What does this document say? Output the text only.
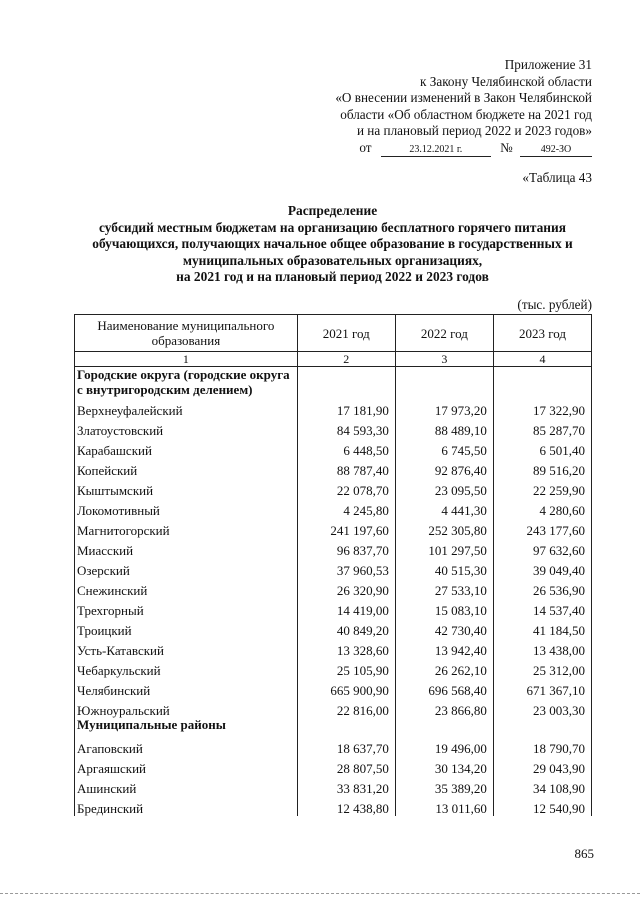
Приложение 31
к Закону Челябинской области
«О внесении изменений в Закон Челябинской
области «Об областном бюджете на 2021 год
и на плановый период 2022 и 2023 годов»
от	23.12.2021 г.	№	492-ЗО
«Таблица 43
Распределение
субсидий местным бюджетам на организацию бесплатного горячего питания
обучающихся, получающих начальное общее образование в государственных и
муниципальных образовательных организациях,
на 2021 год и на плановый период 2022 и 2023 годов
(тыс. рублей)
Наименование муниципального образования	2021 год	2022 год	2023 год
1	2	3	4
Городские округа (городские округа с внутригородским делением)			
Верхнеуфалейский	17 181,90	17 973,20	17 322,90
Златоустовский	84 593,30	88 489,10	85 287,70
Карабашский	6 448,50	6 745,50	6 501,40
Копейский	88 787,40	92 876,40	89 516,20
Кыштымский	22 078,70	23 095,50	22 259,90
Локомотивный	4 245,80	4 441,30	4 280,60
Магнитогорский	241 197,60	252 305,80	243 177,60
Миасский	96 837,70	101 297,50	97 632,60
Озерский	37 960,53	40 515,30	39 049,40
Снежинский	26 320,90	27 533,10	26 536,90
Трехгорный	14 419,00	15 083,10	14 537,40
Троицкий	40 849,20	42 730,40	41 184,50
Усть-Катавский	13 328,60	13 942,40	13 438,00
Чебаркульский	25 105,90	26 262,10	25 312,00
Челябинский	665 900,90	696 568,40	671 367,10
Южноуральский	22 816,00	23 866,80	23 003,30
Муниципальные районы			
Агаповский	18 637,70	19 496,00	18 790,70
Аргаяшский	28 807,50	30 134,20	29 043,90
Ашинский	33 831,20	35 389,20	34 108,90
Брединский	12 438,80	13 011,60	12 540,90
865
